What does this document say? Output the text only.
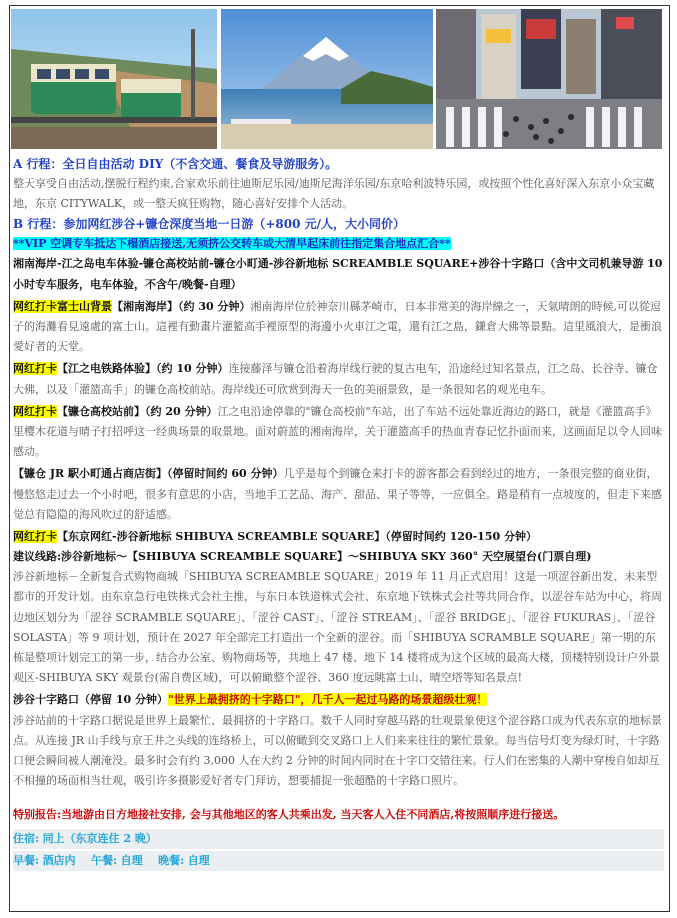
A 行程：全日自由活动 DIY（不含交通、餐食及导游服务）。
整天享受自由活动,摆脱行程约束,合家欢乐前往迪斯尼乐园/迪斯尼海洋乐园/东京哈利波特乐园，或按照个性化喜好深入东京小众宝藏地，东京 CITYWALK，或一整天疯狂购物，随心喜好安排个人活动。
B 行程：参加网红涉谷+镰仓深度当地一日游（+800 元/人，大小同价）
**VIP 空调专车抵达下榻酒店接送,无须挤公交转车或大清早起床前往指定集合地点汇合**
湘南海岸-江之岛电车体验-镰仓高校站前-镰仓小町通-涉谷新地标 SCREAMBLE SQUARE+涉谷十字路口（含中文司机兼导游 10 小时专车服务，电车体验，不含午/晚餐-自理）
网红打卡富士山背景【湘南海岸】（约 30 分钟）湘南海岸位於神奈川縣茅崎市，日本非常美的海岸線之一，天氣晴朗的時候,可以從逗子的海灘看見遠處的富士山。這裡有動畫片灌籃高手裡原型的海邊小火車江之電，還有江之島，鎌倉大佛等景點。這里風浪大，是衝浪愛好者的天堂。
网红打卡【江之电铁路体验】（约 10 分钟）连接藤泽与镰仓沿着海岸线行驶的复古电车，沿途经过知名景点，江之岛、长谷寺、镰仓大佛，以及「灌篮高手」的镰仓高校前站。海岸线还可欣赏到海天一色的美丽景致，是一条很知名的观光电车。
网红打卡【镰仓高校站前】（约 20 分钟）江之电沿途停靠的"镰仓高校前"车站，出了车站不远处靠近海边的路口，就是《灌篮高手》里樱木花道与晴子打招呼这一经典场景的取景地。面对蔚蓝的湘南海岸，关于灌篮高手的热血青春记忆扑面而来，这画面足以令人回味感动。
【镰仓 JR 駅小町通占商店街】（停留时间约 60 分钟）几乎是每个到镰仓来打卡的游客都会看到经过的地方，一条很完整的商业街，慢悠悠走过去一个小时吧，很多有意思的小店，当地手工艺品、海产、甜品、果子等等，一应俱全。路是稍有一点坡度的，但走下来感觉总有隐隐的海风吹过的舒适感。
网红打卡【东京网红-涉谷新地标 SHIBUYA SCREAMBLE SQUARE】（停留时间约 120-150 分钟）
建议线路:涉谷新地标～【SHIBUYA SCREAMBLE SQUARE】～SHIBUYA SKY 360° 天空展望台(门票自理)
涉谷新地标－全新复合式购物商城「SHIBUYA SCREAMBLE SQUARE」2019 年 11 月正式启用！这是一项涩谷新出发、未来型都市的开发计划。由东京急行电铁株式会社主推，与东日本铁道株式会社、东京地下铁株式会社等共同合作，以涩谷车站为中心，将周边地区划分为「涩谷 SCRAMBLE SQUARE」、「涩谷 CAST」、「涩谷 STREAM」、「涩谷 BRIDGE」、「涩谷 FUKURAS」、「涩谷 SOLASTA」等 9 项计划，预计在 2027 年全部完工打造出一个全新的涩谷。而「SHIBUYA SCRAMBLE SQUARE」第一期的东栋是整项计划完工的第一步，结合办公室、购物商场等，共地上 47 楼、地下 14 楼将成为这个区域的最高大楼，顶楼特别设计户外景观区-SHIBUYA SKY 观景台(需自费区域)，可以俯瞰整个涩谷、360 度远眺富士山、晴空塔等知名景点!
涉谷十字路口（停留 10 分钟）"世界上最拥挤的十字路口"，几千人一起过马路的场景超级壮观！
涉谷站前的十字路口据说是世界上最繁忙、最拥挤的十字路口。数千人同时穿越马路的壮观景象使这个涩谷路口成为代表东京的地标景点。从连接 JR 山手线与京王井之头线的连络桥上，可以俯瞰到交叉路口上人们来来往往的繁忙景象。每当信号灯变为绿灯时，十字路口便会瞬间被人潮淹没。最多时会有约 3,000 人在大约 2 分钟的时间内同时在十字口交错往来。行人们在密集的人潮中穿梭自如却互不相撞的场面相当壮观，吸引许多摄影爱好者专门拜访，想要捕捉一张超酷的十字路口照片。
特别报告:当地游由日方地接社安排, 会与其他地区的客人共乘出发, 当天客人入住不同酒店,将按照顺序进行接送。
住宿: 同上（东京连住 2 晚）
早餐: 酒店内 午餐: 自理 晚餐: 自理
